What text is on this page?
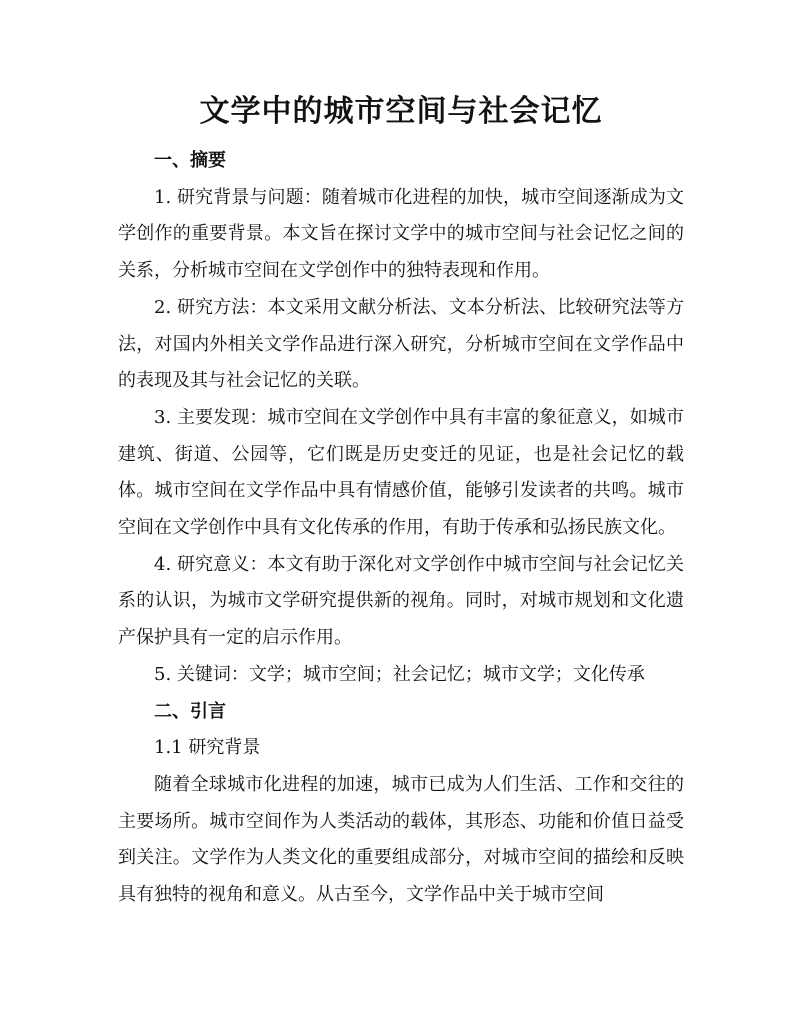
文学中的城市空间与社会记忆

一、摘要

1. 研究背景与问题：随着城市化进程的加快，城市空间逐渐成为文学创作的重要背景。本文旨在探讨文学中的城市空间与社会记忆之间的关系，分析城市空间在文学创作中的独特表现和作用。

2. 研究方法：本文采用文献分析法、文本分析法、比较研究法等方法，对国内外相关文学作品进行深入研究，分析城市空间在文学作品中的表现及其与社会记忆的关联。

3. 主要发现：城市空间在文学创作中具有丰富的象征意义，如城市建筑、街道、公园等，它们既是历史变迁的见证，也是社会记忆的载体。城市空间在文学作品中具有情感价值，能够引发读者的共鸣。城市空间在文学创作中具有文化传承的作用，有助于传承和弘扬民族文化。

4. 研究意义：本文有助于深化对文学创作中城市空间与社会记忆关系的认识，为城市文学研究提供新的视角。同时，对城市规划和文化遗产保护具有一定的启示作用。

5. 关键词：文学；城市空间；社会记忆；城市文学；文化传承

二、引言

1.1 研究背景

随着全球城市化进程的加速，城市已成为人们生活、工作和交往的主要场所。城市空间作为人类活动的载体，其形态、功能和价值日益受到关注。文学作为人类文化的重要组成部分，对城市空间的描绘和反映具有独特的视角和意义。从古至今，文学作品中关于城市空间
